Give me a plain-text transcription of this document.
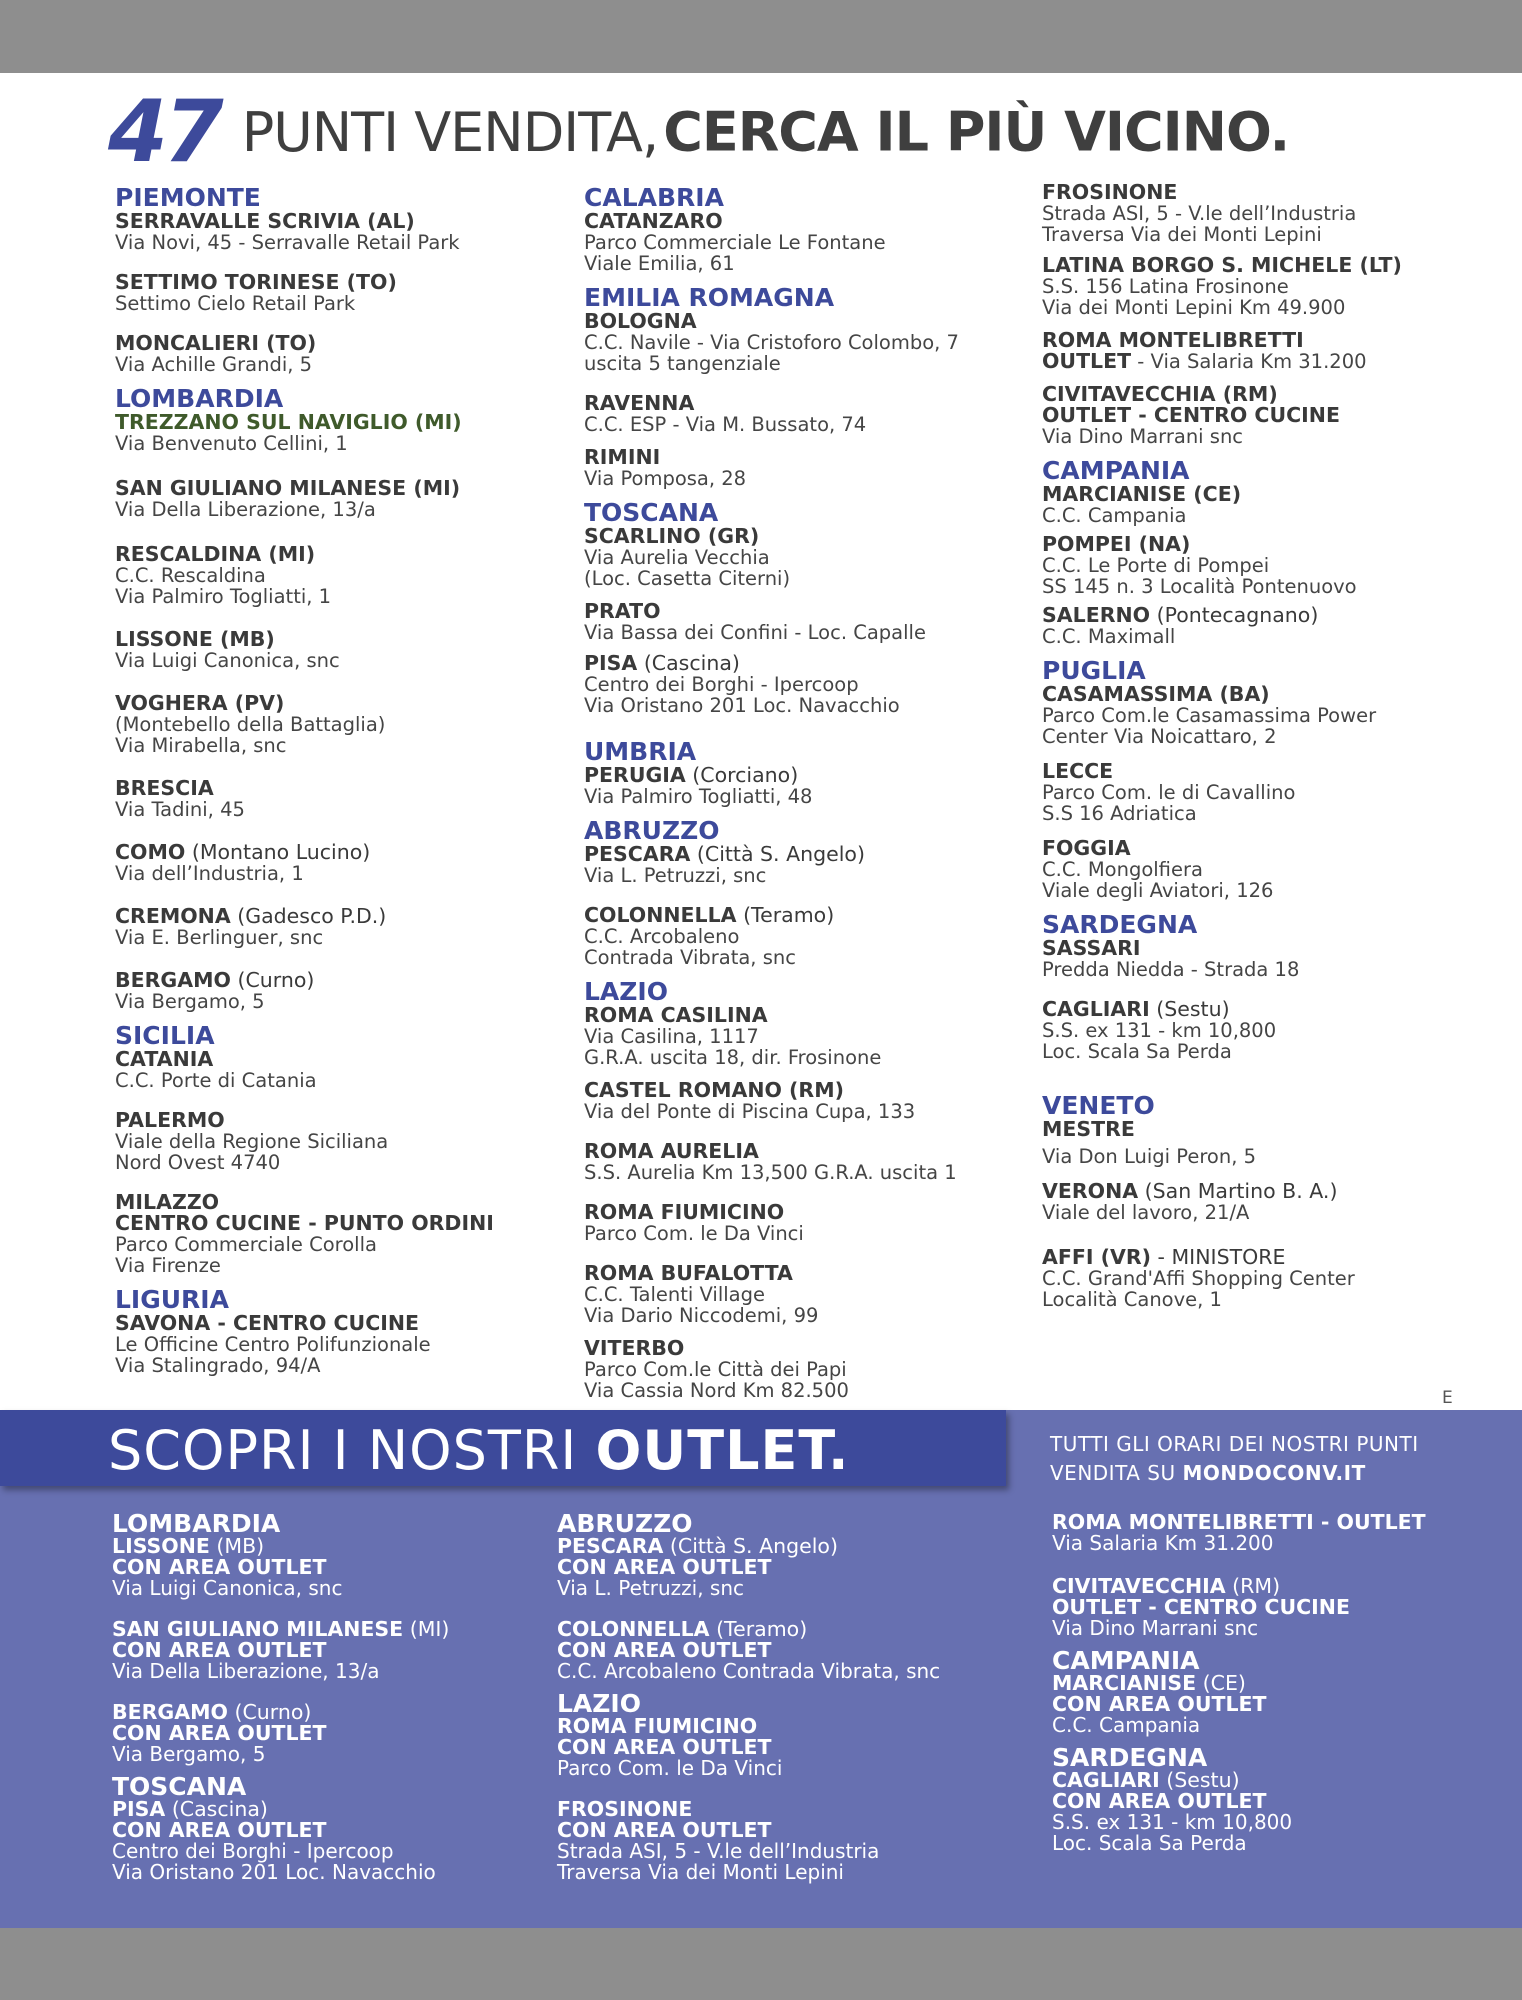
47 PUNTI VENDITA, CERCA IL PIÙ VICINO.
PIEMONTE
SERRAVALLE SCRIVIA (AL)
Via Novi, 45 - Serravalle Retail Park
SETTIMO TORINESE (TO)
Settimo Cielo Retail Park
MONCALIERI (TO)
Via Achille Grandi, 5
LOMBARDIA
TREZZANO SUL NAVIGLIO (MI)
Via Benvenuto Cellini, 1
SAN GIULIANO MILANESE (MI)
Via Della Liberazione, 13/a
RESCALDINA (MI)
C.C. Rescaldina
Via Palmiro Togliatti, 1
LISSONE (MB)
Via Luigi Canonica, snc
VOGHERA (PV)
(Montebello della Battaglia)
Via Mirabella, snc
BRESCIA
Via Tadini, 45
COMO (Montano Lucino)
Via dell’Industria, 1
CREMONA (Gadesco P.D.)
Via E. Berlinguer, snc
BERGAMO (Curno)
Via Bergamo, 5
SICILIA
CATANIA
C.C. Porte di Catania
PALERMO
Viale della Regione Siciliana
Nord Ovest 4740
MILAZZO
CENTRO CUCINE - PUNTO ORDINI
Parco Commerciale Corolla
Via Firenze
LIGURIA
SAVONA - CENTRO CUCINE
Le Officine Centro Polifunzionale
Via Stalingrado, 94/A
CALABRIA
CATANZARO
Parco Commerciale Le Fontane
Viale Emilia, 61
EMILIA ROMAGNA
BOLOGNA
C.C. Navile - Via Cristoforo Colombo, 7
uscita 5 tangenziale
RAVENNA
C.C. ESP - Via M. Bussato, 74
RIMINI
Via Pomposa, 28
TOSCANA
SCARLINO (GR)
Via Aurelia Vecchia
(Loc. Casetta Citerni)
PRATO
Via Bassa dei Confini - Loc. Capalle
PISA (Cascina)
Centro dei Borghi - Ipercoop
Via Oristano 201 Loc. Navacchio
UMBRIA
PERUGIA (Corciano)
Via Palmiro Togliatti, 48
ABRUZZO
PESCARA (Città S. Angelo)
Via L. Petruzzi, snc
COLONNELLA (Teramo)
C.C. Arcobaleno
Contrada Vibrata, snc
LAZIO
ROMA CASILINA
Via Casilina, 1117
G.R.A. uscita 18, dir. Frosinone
CASTEL ROMANO (RM)
Via del Ponte di Piscina Cupa, 133
ROMA AURELIA
S.S. Aurelia Km 13,500 G.R.A. uscita 1
ROMA FIUMICINO
Parco Com. le Da Vinci
ROMA BUFALOTTA
C.C. Talenti Village
Via Dario Niccodemi, 99
VITERBO
Parco Com.le Città dei Papi
Via Cassia Nord Km 82.500
FROSINONE
Strada ASI, 5 - V.le dell’Industria
Traversa Via dei Monti Lepini
LATINA BORGO S. MICHELE (LT)
S.S. 156 Latina Frosinone
Via dei Monti Lepini Km 49.900
ROMA MONTELIBRETTI
OUTLET - Via Salaria Km 31.200
CIVITAVECCHIA (RM)
OUTLET - CENTRO CUCINE
Via Dino Marrani snc
CAMPANIA
MARCIANISE (CE)
C.C. Campania
POMPEI (NA)
C.C. Le Porte di Pompei
SS 145 n. 3 Località Pontenuovo
SALERNO (Pontecagnano)
C.C. Maximall
PUGLIA
CASAMASSIMA (BA)
Parco Com.le Casamassima Power
Center Via Noicattaro, 2
LECCE
Parco Com. le di Cavallino
S.S 16 Adriatica
FOGGIA
C.C. Mongolfiera
Viale degli Aviatori, 126
SARDEGNA
SASSARI
Predda Niedda - Strada 18
CAGLIARI (Sestu)
S.S. ex 131 - km 10,800
Loc. Scala Sa Perda
VENETO
MESTRE
Via Don Luigi Peron, 5
VERONA (San Martino B. A.)
Viale del lavoro, 21/A
AFFI (VR) - MINISTORE
C.C. Grand'Affi Shopping Center
Località Canove, 1
E
SCOPRI I NOSTRI OUTLET.	TUTTI GLI ORARI DEI NOSTRI PUNTI
VENDITA SU MONDOCONV.IT
LOMBARDIA
LISSONE (MB)
CON AREA OUTLET
Via Luigi Canonica, snc
SAN GIULIANO MILANESE (MI)
CON AREA OUTLET
Via Della Liberazione, 13/a
BERGAMO (Curno)
CON AREA OUTLET
Via Bergamo, 5
TOSCANA
PISA (Cascina)
CON AREA OUTLET
Centro dei Borghi - Ipercoop
Via Oristano 201 Loc. Navacchio
ABRUZZO
PESCARA (Città S. Angelo)
CON AREA OUTLET
Via L. Petruzzi, snc
COLONNELLA (Teramo)
CON AREA OUTLET
C.C. Arcobaleno Contrada Vibrata, snc
LAZIO
ROMA FIUMICINO
CON AREA OUTLET
Parco Com. le Da Vinci
FROSINONE
CON AREA OUTLET
Strada ASI, 5 - V.le dell’Industria
Traversa Via dei Monti Lepini
ROMA MONTELIBRETTI - OUTLET
Via Salaria Km 31.200
CIVITAVECCHIA (RM)
OUTLET - CENTRO CUCINE
Via Dino Marrani snc
CAMPANIA
MARCIANISE (CE)
CON AREA OUTLET
C.C. Campania
SARDEGNA
CAGLIARI (Sestu)
CON AREA OUTLET
S.S. ex 131 - km 10,800
Loc. Scala Sa Perda
